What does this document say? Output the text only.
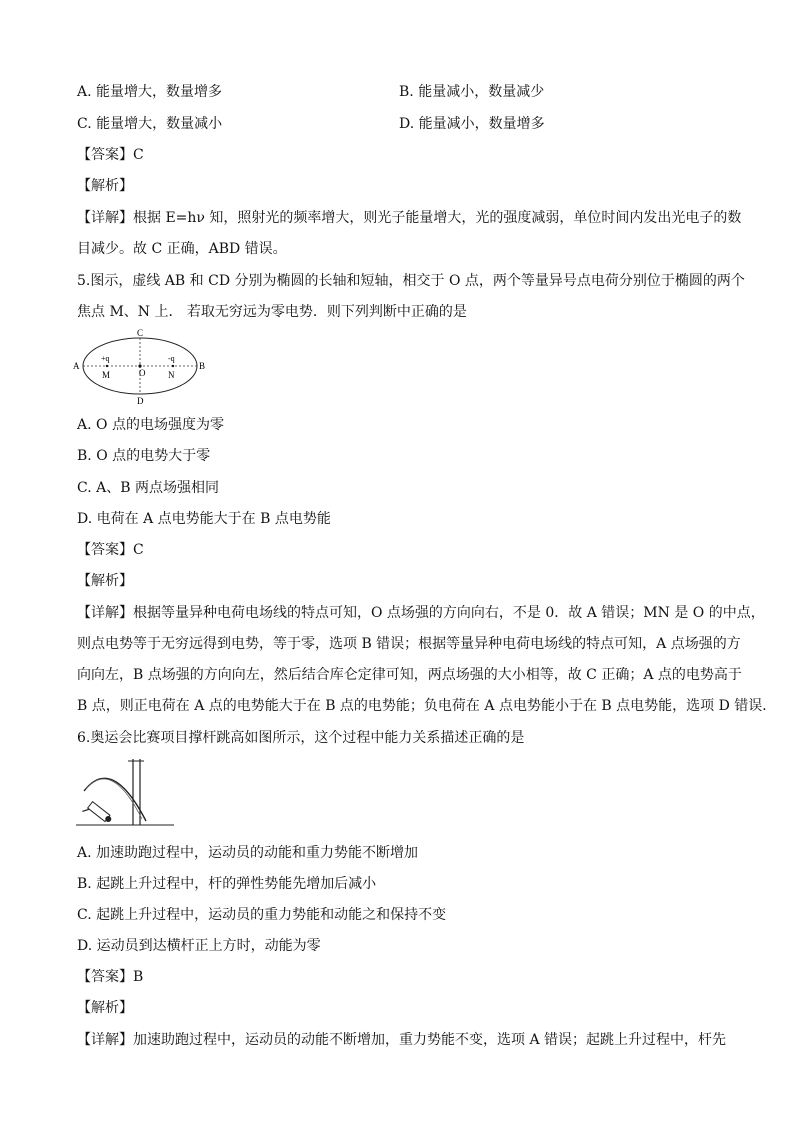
A. 能量增大，数量增多	B. 能量减小，数量减少
C. 能量增大，数量减小	D. 能量减小，数量增多
【答案】C
【解析】
【详解】根据 E=hν 知，照射光的频率增大，则光子能量增大，光的强度减弱，单位时间内发出光电子的数
目减少。故 C 正确，ABD 错误。
5.图示，虚线 AB 和 CD 分别为椭圆的长轴和短轴，相交于 O 点，两个等量异号点电荷分别位于椭圆的两个
焦点 M、N 上． 若取无穷远为零电势．则下列判断中正确的是
A	B
C
D
M	N
O
+q	-q
A. O 点的电场强度为零
B. O 点的电势大于零
C. A、B 两点场强相同
D. 电荷在 A 点电势能大于在 B 点电势能
【答案】C
【解析】
【详解】根据等量异种电荷电场线的特点可知，O 点场强的方向向右，不是 0．故 A 错误；MN 是 O 的中点，
则点电势等于无穷远得到电势，等于零，选项 B 错误；根据等量异种电荷电场线的特点可知，A 点场强的方
向向左，B 点场强的方向向左，然后结合库仑定律可知，两点场强的大小相等，故 C 正确；A 点的电势高于
B 点，则正电荷在 A 点的电势能大于在 B 点的电势能；负电荷在 A 点电势能小于在 B 点电势能，选项 D 错误．
6.奥运会比赛项目撑杆跳高如图所示，这个过程中能力关系描述正确的是
A. 加速助跑过程中，运动员的动能和重力势能不断增加
B. 起跳上升过程中，杆的弹性势能先增加后减小
C. 起跳上升过程中，运动员的重力势能和动能之和保持不变
D. 运动员到达横杆正上方时，动能为零
【答案】B
【解析】
【详解】加速助跑过程中，运动员的动能不断增加，重力势能不变，选项 A 错误；起跳上升过程中，杆先
